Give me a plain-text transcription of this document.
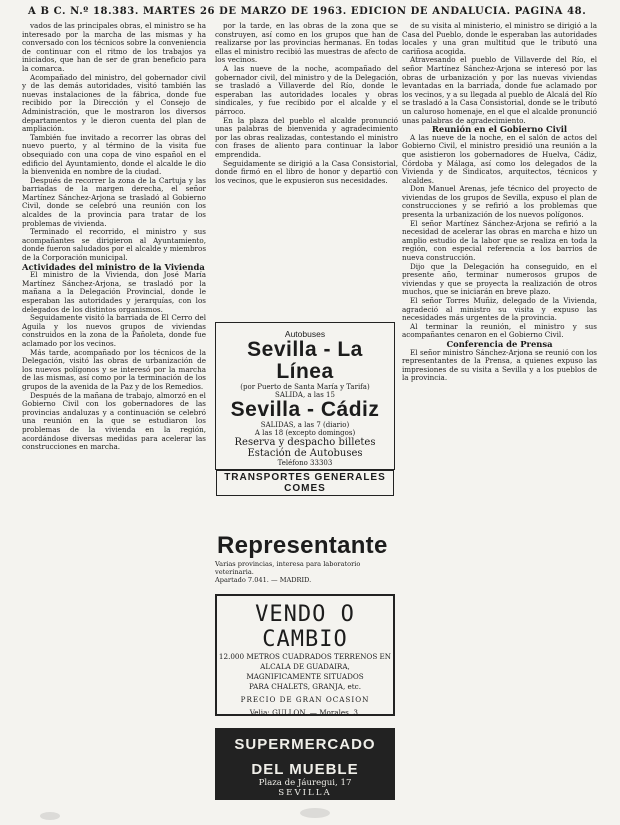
A B C. N.º 18.383. MARTES 26 DE MARZO DE 1963. EDICION DE ANDALUCIA. PAGINA 48.

vados de las principales obras, el ministro se ha interesado por la marcha de las mismas y ha conversado con los técnicos sobre la conveniencia de continuar con el ritmo de los trabajos ya iniciados, que han de ser de gran beneficio para la comarca.

Acompañado del ministro, del gobernador civil y de las demás autoridades, visitó también las nuevas instalaciones de la fábrica, donde fue recibido por la Dirección y el Consejo de Administración, que le mostraron los diversos departamentos y le dieron cuenta del plan de ampliación.

También fue invitado a recorrer las obras del nuevo puerto, y al término de la visita fue obsequiado con una copa de vino español en el edificio del Ayuntamiento, donde el alcalde le dio la bienvenida en nombre de la ciudad.

Después de recorrer la zona de la Cartuja y las barriadas de la margen derecha, el señor Martínez Sánchez-Arjona se trasladó al Gobierno Civil, donde se celebró una reunión con los alcaldes de la provincia para tratar de los problemas de vivienda.

Terminado el recorrido, el ministro y sus acompañantes se dirigieron al Ayuntamiento, donde fueron saludados por el alcalde y miembros de la Corporación municipal.

Actividades del ministro de la Vivienda

El ministro de la Vivienda, don José María Martínez Sánchez-Arjona, se trasladó por la mañana a la Delegación Provincial, donde le esperaban las autoridades y jerarquías, con los delegados de los distintos organismos.

Seguidamente visitó la barriada de El Cerro del Aguila y los nuevos grupos de viviendas construidos en la zona de la Pañoleta, donde fue aclamado por los vecinos.

Más tarde, acompañado por los técnicos de la Delegación, visitó las obras de urbanización de los nuevos polígonos y se interesó por la marcha de las mismas, así como por la terminación de los grupos de la avenida de la Paz y de los Remedios.

Después de la mañana de trabajo, almorzó en el Gobierno Civil con los gobernadores de las provincias andaluzas y a continuación se celebró una reunión en la que se estudiaron los problemas de la vivienda en la región, acordándose diversas medidas para acelerar las construcciones en marcha.

por la tarde, en las obras de la zona que se construyen, así como en los grupos que han de realizarse por las provincias hermanas. En todas ellas el ministro recibió las muestras de afecto de los vecinos.

A las nueve de la noche, acompañado del gobernador civil, del ministro y de la Delegación, se trasladó a Villaverde del Río, donde le esperaban las autoridades locales y obras sindicales, y fue recibido por el alcalde y el párroco.

En la plaza del pueblo el alcalde pronunció unas palabras de bienvenida y agradecimiento por las obras realizadas, contestando el ministro con frases de aliento para continuar la labor emprendida.

Seguidamente se dirigió a la Casa Consistorial, donde firmó en el libro de honor y departió con los vecinos, que le expusieron sus necesidades.

Autobuses
Sevilla - La Línea
(por Puerto de Santa María y Tarifa)
SALIDA, a las 15
Sevilla - Cádiz
SALIDAS, a las 7 (diario)
A las 18 (excepto domingos)
Reserva y despacho billetes
Estación de Autobuses
Teléfono 33303
TRANSPORTES GENERALES COMES
Representante
Varias provincias, interesa para laboratorio veterinaria.
Apartado 7.041. — MADRID.
VENDO O CAMBIO
12.000 METROS CUADRADOS TERRENOS EN ALCALA DE GUADAIRA,
MAGNIFICAMENTE SITUADOS
PARA CHALETS, GRANJA, etc.
PRECIO DE GRAN OCASION
Velia: GULLON. — Morales, 3.
SUPERMERCADO
DEL MUEBLE
Plaza de Jáuregui, 17
SEVILLA

de su visita al ministerio, el ministro se dirigió a la Casa del Pueblo, donde le esperaban las autoridades locales y una gran multitud que le tributó una cariñosa acogida.

Atravesando el pueblo de Villaverde del Río, el señor Martínez Sánchez-Arjona se interesó por las obras de urbanización y por las nuevas viviendas levantadas en la barriada, donde fue aclamado por los vecinos, y a su llegada al pueblo de Alcalá del Río se trasladó a la Casa Consistorial, donde se le tributó un caluroso homenaje, en el que el alcalde pronunció unas palabras de agradecimiento.

Reunión en el Gobierno Civil

A las nueve de la noche, en el salón de actos del Gobierno Civil, el ministro presidió una reunión a la que asistieron los gobernadores de Huelva, Cádiz, Córdoba y Málaga, así como los delegados de la Vivienda y de Sindicatos, arquitectos, técnicos y alcaldes.

Don Manuel Arenas, jefe técnico del proyecto de viviendas de los grupos de Sevilla, expuso el plan de construcciones y se refirió a los problemas que presenta la urbanización de los nuevos polígonos.

El señor Martínez Sánchez-Arjona se refirió a la necesidad de acelerar las obras en marcha e hizo un amplio estudio de la labor que se realiza en toda la región, con especial referencia a los barrios de nueva construcción.

Dijo que la Delegación ha conseguido, en el presente año, terminar numerosos grupos de viviendas y que se proyecta la realización de otros muchos, que se iniciarán en breve plazo.

El señor Torres Muñiz, delegado de la Vivienda, agradeció al ministro su visita y expuso las necesidades más urgentes de la provincia.

Al terminar la reunión, el ministro y sus acompañantes cenaron en el Gobierno Civil.

Conferencia de Prensa

El señor ministro Sánchez-Arjona se reunió con los representantes de la Prensa, a quienes expuso las impresiones de su visita a Sevilla y a los pueblos de la provincia.
